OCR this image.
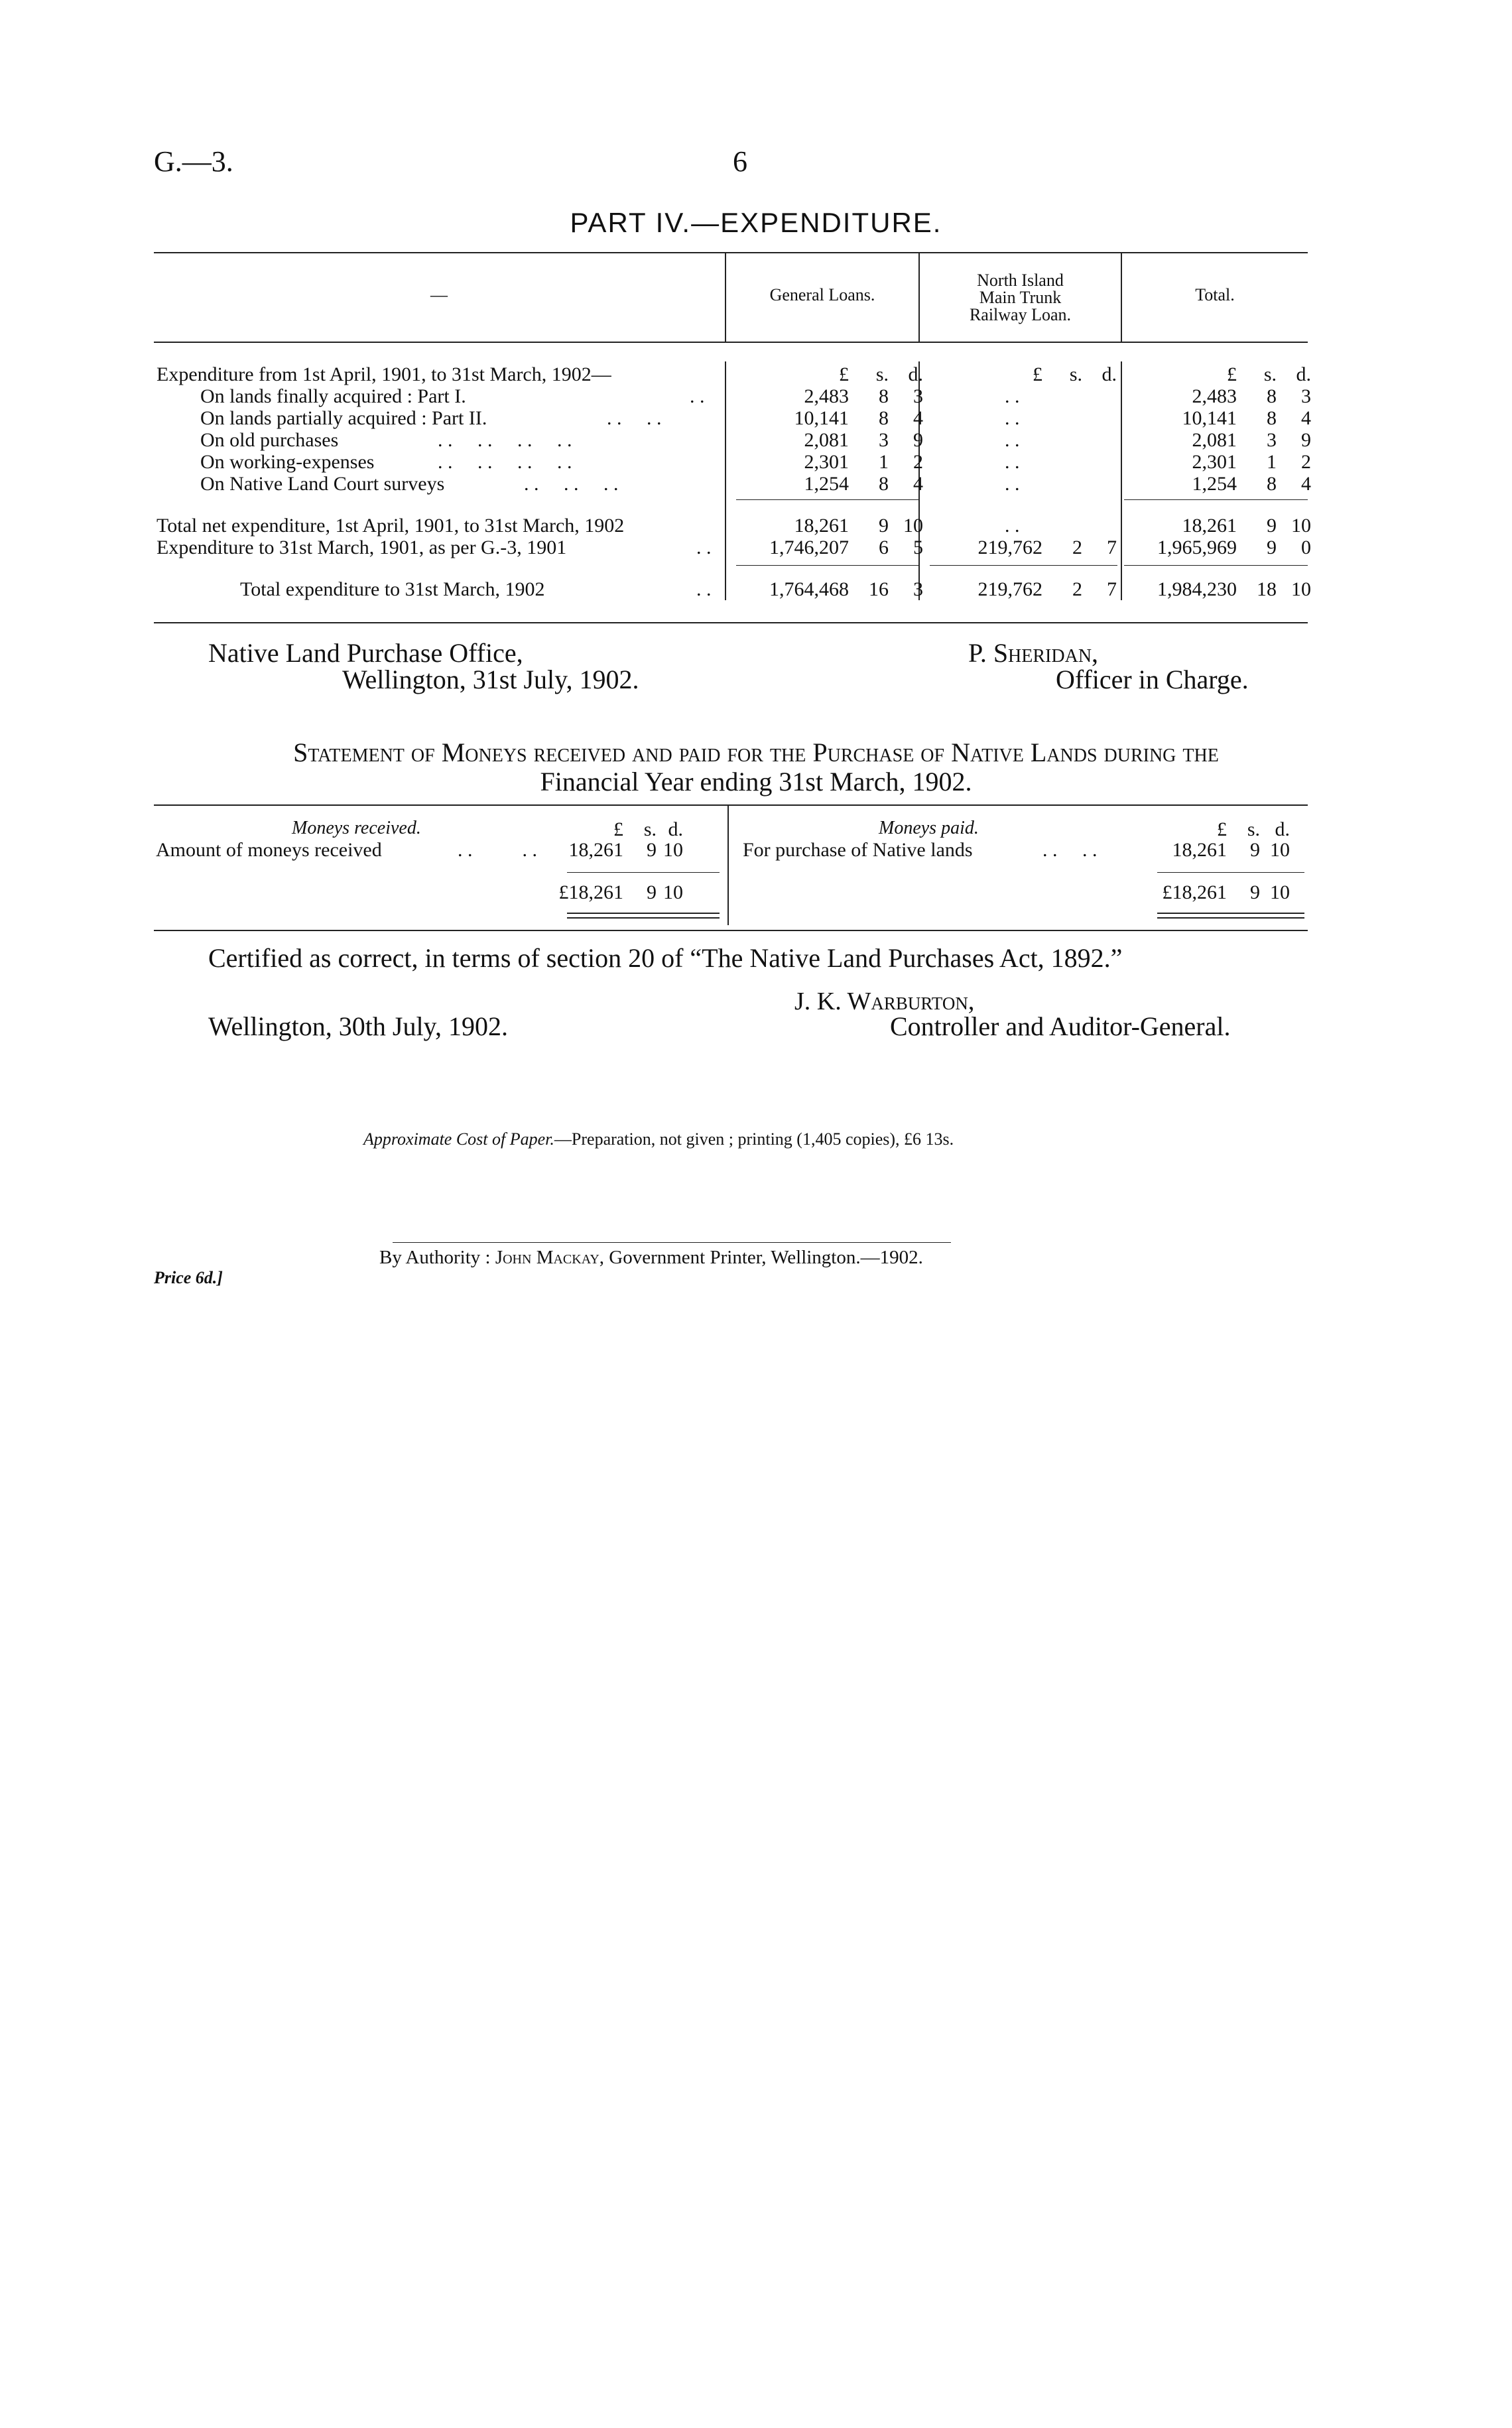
G.—3.	6
PART IV.—EXPENDITURE.
—	General Loans.
North Island
Main Trunk
Railway Loan.
Total.
£	s. d.	£	s. d.	£	s. d.
Expenditure from 1st April, 1901, to 31st March, 1902—
On lands finally acquired : Part I.	. .	2,483	8	3	. .	2,483	8	3
On lands partially acquired : Part II.	. .     . .	10,141	8	4	. .	10,141	8	4
On old purchases	. .     . .     . .     . .	2,081	3	9	. .	2,081	3	9
On working-expenses	. .     . .     . .     . .	2,301	1	2	. .	2,301	1	2
On Native Land Court surveys	. .     . .     . .	1,254	8	4	. .	1,254	8	4
Total net expenditure, 1st April, 1901, to 31st March, 1902	18,261	9 10	. .	18,261	9 10
Expenditure to 31st March, 1901, as per G.-3, 1901	. .	1,746,207	6	5	219,762	2	7	1,965,969	9	0
Total expenditure to 31st March, 1902	. .	1,764,468	16	3	219,762	2	7	1,984,230	18 10
Native Land Purchase Office,
Wellington, 31st July, 1902.
P. Sheridan,
Officer in Charge.
Statement of Moneys received and paid for the Purchase of Native Lands during the
Financial Year ending 31st March, 1902.
Moneys received.	£	s. d.
Amount of moneys received	. .          . .	18,261	9 10
Moneys paid.	£	s. d.
For purchase of Native lands	. .     . .	18,261	9 10
£18,261	9 10	£18,261	9 10
Certified as correct, in terms of section 20 of “The Native Land Purchases Act, 1892.”
J. K. Warburton,
Wellington, 30th July, 1902.	Controller and Auditor-General.
Approximate Cost of Paper.—Preparation, not given ; printing (1,405 copies), £6 13s.
Price 6d.]
By Authority : John Mackay, Government Printer, Wellington.—1902.
